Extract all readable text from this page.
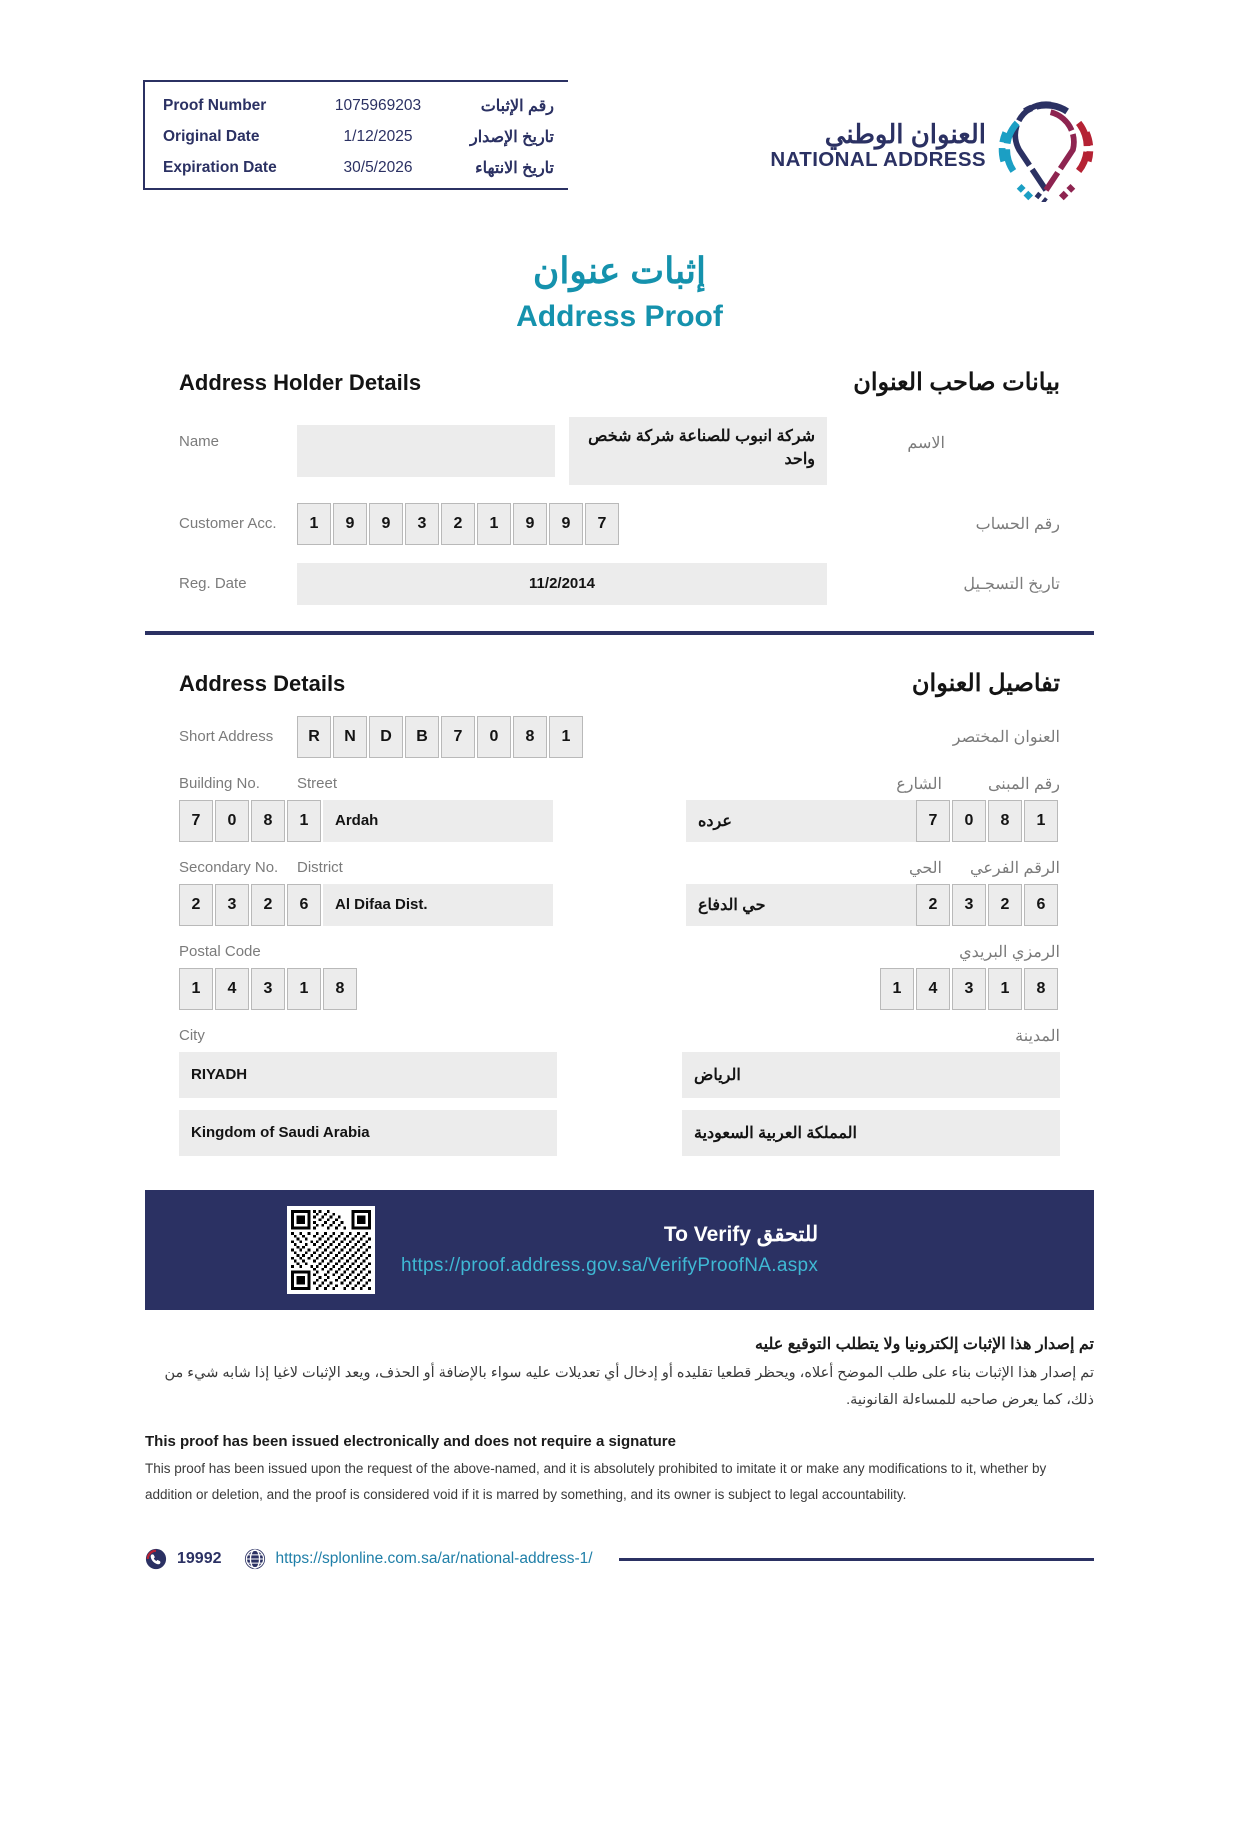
Proof Number	1075969203	رقم الإثبات
Original Date	1/12/2025	تاريخ الإصدار
Expiration Date	30/5/2026	تاريخ الانتهاء
العنوان الوطني
NATIONAL ADDRESS
إثبات عنوان
Address Proof
Address Holder Details	بيانات صاحب العنوان
Name	شركة انبوب للصناعة شركة شخص واحد
الاسم
Customer Acc.	1	9	9	3	2	1	9	9	7	رقم الحساب
Reg. Date	11/2/2014	تاريخ التسجـيل
Address Details	تفاصيل العنوان
Short Address	R	N	D	B	7	0	8	1	العنوان المختصر
Building No.	Street	الشارع	رقم المبنى
7	0	8	1	Ardah	عرده	7	0	8	1
Secondary No.	District	الحي	الرقم الفرعي
2	3	2	6	Al Difaa Dist.	حي الدفاع	2	3	2	6
Postal Code	الرمزي البريدي
1	4	3	1	8	1	4	3	1	8
City	المدينة
RIYADH	الرياض
Kingdom of Saudi Arabia	المملكة العربية السعودية
للتحقق To Verify
https://proof.address.gov.sa/VerifyProofNA.aspx
تم إصدار هذا الإثبات إلكترونيا ولا يتطلب التوقيع عليه
تم إصدار هذا الإثبات بناء على طلب الموضح أعلاه، ويحظر قطعيا تقليده أو إدخال أي تعديلات عليه سواء بالإضافة أو الحذف، ويعد الإثبات لاغيا إذا شابه شيء من ذلك، كما يعرض صاحبه للمساءلة القانونية.
This proof has been issued electronically and does not require a signature
This proof has been issued upon the request of the above-named, and it is absolutely prohibited to imitate it or make any modifications to it, whether by addition or deletion, and the proof is considered void if it is marred by something, and its owner is subject to legal accountability.
19992	https://splonline.com.sa/ar/national-address-1/
